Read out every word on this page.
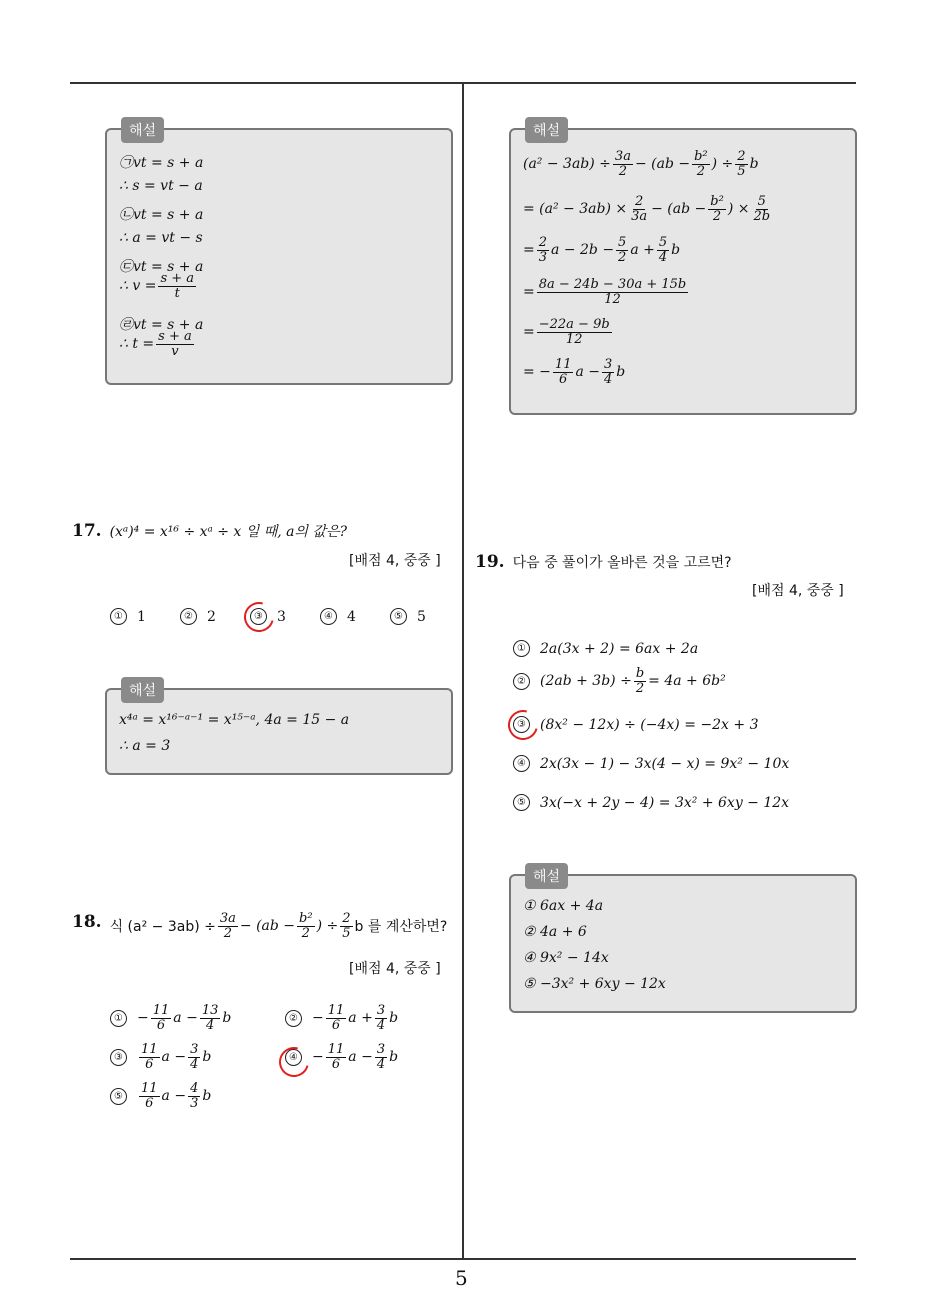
해설
㉠vt = s + a
∴ s = vt − a
㉡vt = s + a
∴ a = vt − s
㉢vt = s + a
∴ $v = \frac{s + a}{t}$
㉣vt = s + a
∴ $t = \frac{s + a}{v}$
해설
$(a^2 - 3ab) \div \frac{3a}{2} - (ab - \frac{\text{b²}}{2}$ ) ÷ $\frac{2}{5}$ b
= $(a^2 - 3ab) \times \frac{2}{3a} - (ab - \frac{\text{b²}}{2}$ ) × $\frac{5}{2b}$
= $\frac{2}{3}$ $a - 2b - \frac{5}{2}$ $a + \frac{5}{4}$ b
= $\frac{8a - 24b - 30a + 15b}{12}$
= $\frac{-22a - 9b}{12}$
= − $\frac{11}{6}$ $a - \frac{3}{4}$ b
17. (xᵃ)⁴ = x¹⁶ ÷ xᵃ ÷ x 일 때, a의 값은?
[배점 4, 중중 ]
① 1	② 2	③ 3	④ 4	⑤ 5
해설
x⁴ᵃ = x¹⁶⁻ᵃ⁻¹ = x¹⁵⁻ᵃ, 4a = 15 − a
∴ a = 3
18. 식 $(a^2 - 3ab) \div \frac{3a}{2} - (ab - \frac{\text{b²}}{2}$ ) ÷ $\frac{2}{5}$ b 를 계산하면?
[배점 4, 중중 ]
① − $\frac{11}{6}$ $a - \frac{13}{4}$ b	② − $\frac{11}{6}$ $a + \frac{3}{4}$ b
③	$\frac{11}{6}$ $a - \frac{3}{4}$ b	④ − $\frac{11}{6}$ $a - \frac{3}{4}$ b
⑤	$\frac{11}{6}$ $a - \frac{4}{3}$ b
19. 다음 중 풀이가 올바른 것을 고르면?
[배점 4, 중중 ]
① 2a(3x + 2) = 6ax + 2a
② $(2ab + 3b) \div \frac{b}{2} = 4a + 6b^2$
③ (8x² − 12x) ÷ (−4x) = −2x + 3
④ 2x(3x − 1) − 3x(4 − x) = 9x² − 10x
⑤ 3x(−x + 2y − 4) = 3x² + 6xy − 12x
해설
① 6ax + 4a
② 4a + 6
④ 9x² − 14x
⑤ −3x² + 6xy − 12x
5
